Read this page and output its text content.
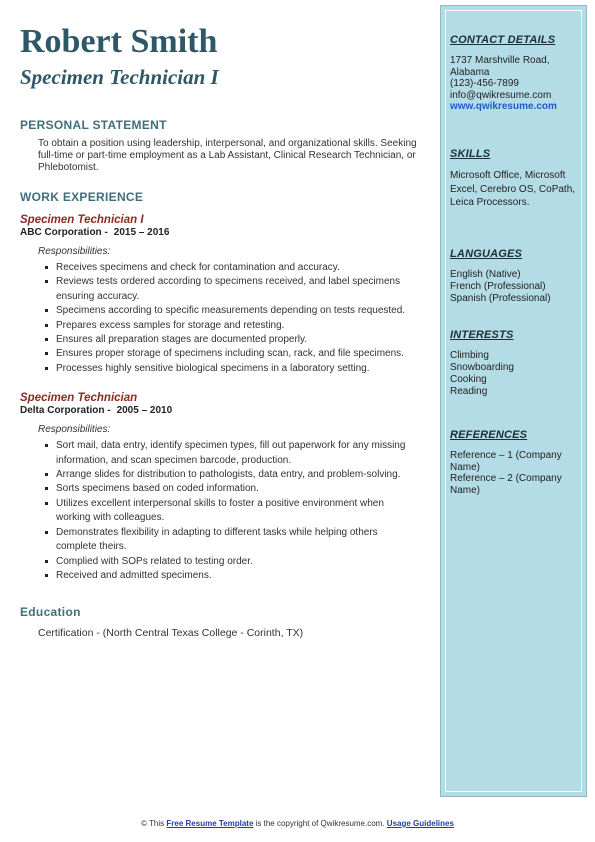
Robert Smith
Specimen Technician I
PERSONAL STATEMENT

To obtain a position using leadership, interpersonal, and organizational skills. Seeking full-time or part-time employment as a Lab Assistant, Clinical Research Technician, or Phlebotomist.

WORK EXPERIENCE

Specimen Technician I

ABC Corporation - 2015 – 2016

Responsibilities:

Receives specimens and check for contamination and accuracy.
Reviews tests ordered according to specimens received, and label specimens ensuring accuracy.
Specimens according to specific measurements depending on tests requested.
Prepares excess samples for storage and retesting.
Ensures all preparation stages are documented properly.
Ensures proper storage of specimens including scan, rack, and file specimens.
Processes highly sensitive biological specimens in a laboratory setting.

Specimen Technician

Delta Corporation - 2005 – 2010

Responsibilities:

Sort mail, data entry, identify specimen types, fill out paperwork for any missing information, and scan specimen barcode, production.
Arrange slides for distribution to pathologists, data entry, and problem-solving.
Sorts specimens based on coded information.
Utilizes excellent interpersonal skills to foster a positive environment when working with colleagues.
Demonstrates flexibility in adapting to different tasks while helping others complete theirs.
Complied with SOPs related to testing order.
Received and admitted specimens.
Education

Certification - (North Central Texas College - Corinth, TX)

CONTACT DETAILS

1737 Marshville Road,

Alabama

(123)-456-7899

info@qwikresume.com

www.qwikresume.com

SKILLS

Microsoft Office, Microsoft Excel, Cerebro OS, CoPath, Leica Processors.

LANGUAGES

English (Native)

French (Professional)

Spanish (Professional)

INTERESTS

Climbing

Snowboarding

Cooking

Reading

REFERENCES

Reference – 1 (Company Name)

Reference – 2 (Company Name)

© This Free Resume Template is the copyright of Qwikresume.com. Usage Guidelines
